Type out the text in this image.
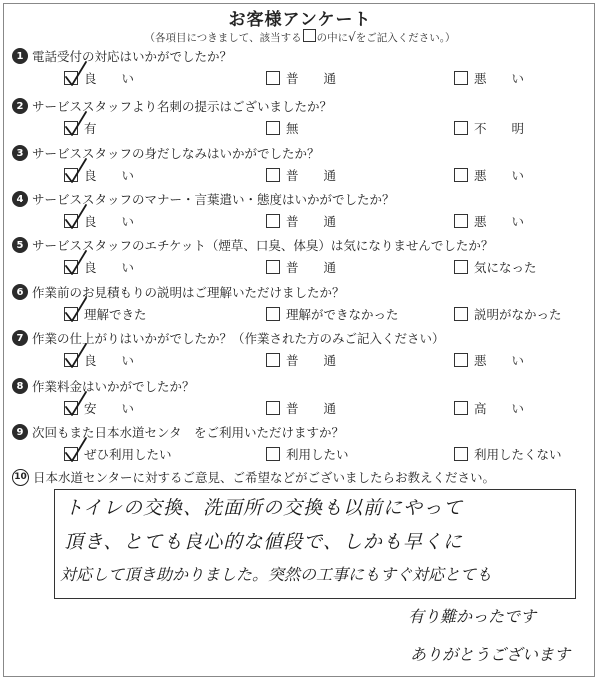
お客様アンケート
（各項目につきまして、該当する の中に√をご記入ください。）
1 電話受付の対応はいかがでしたか？
良　　い	普　　通	悪　　い
2 サービススタッフより名刺の提示はございましたか？
有	無	不　　明
3 サービススタッフの身だしなみはいかがでしたか？
良　　い	普　　通	悪　　い
4 サービススタッフのマナー・言葉遣い・態度はいかがでしたか？
良　　い	普　　通	悪　　い
5 サービススタッフのエチケット（煙草、口臭、体臭）は気になりませんでしたか？
良　　い	普　　通	気になった
6 作業前のお見積もりの説明はご理解いただけましたか？
理解できた	理解ができなかった	説明がなかった
7 作業の仕上がりはいかがでしたか？（作業された方のみご記入ください）
良　　い	普　　通	悪　　い
8 作業料金はいかがでしたか？
安　　い	普　　通	高　　い
9 次回もまた日本水道センタ　をご利用いただけますか？
ぜひ利用したい	利用したい	利用したくない
10 日本水道センターに対するご意見、ご希望などがございましたらお教えください。
トイレの交換、洗面所の交換も以前にやって
頂き、とても良心的な値段で、しかも早くに
対応して頂き助かりました。突然の工事にもすぐ対応とても
有り難かったです
ありがとうございます
